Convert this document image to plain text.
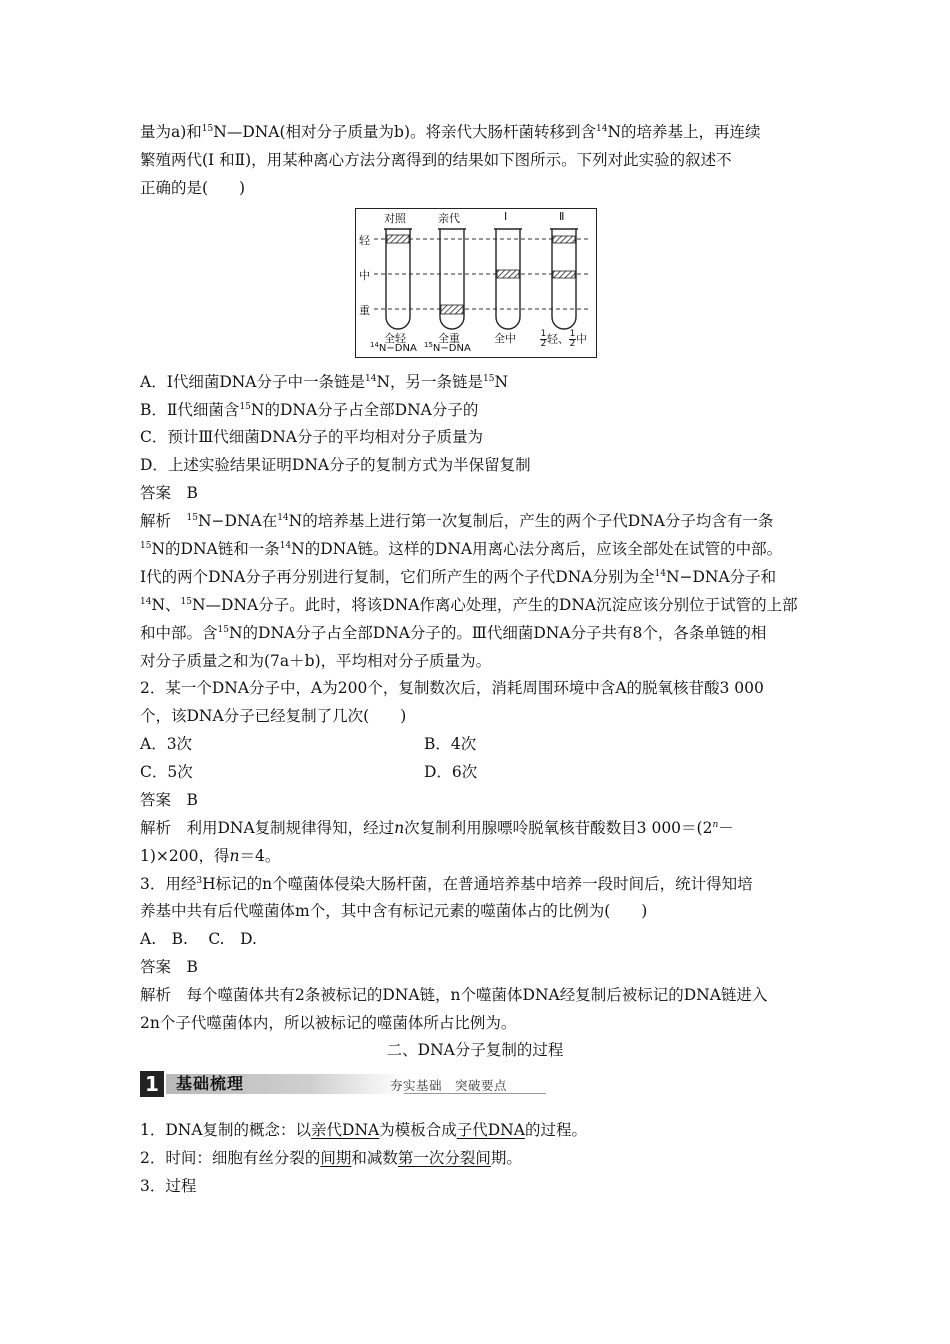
量为a)和$^{15}$N—DNA(相对分子质量为b)。将亲代大肠杆菌转移到含$^{14}$N的培养基上，再连续
繁殖两代(Ⅰ 和Ⅱ)，用某种离心方法分离得到的结果如下图所示。下列对此实验的叙述不
正确的是(　　)
对照	亲代	Ⅰ	Ⅱ
轻
中
重
全轻	全重	全中
$^{14}$N−DNA $^{15}$N−DNA	$\frac{1}{2}$ 轻、 $\frac{1}{2}$ 中
A．Ⅰ代细菌DNA分子中一条链是$^{14}$N，另一条链是$^{15}$N
B．Ⅱ代细菌含$^{15}$N的DNA分子占全部DNA分子的
C．预计Ⅲ代细菌DNA分子的平均相对分子质量为
D．上述实验结果证明DNA分子的复制方式为半保留复制
答案　B
解析　$^{15}$N−DNA在$^{14}$N的培养基上进行第一次复制后，产生的两个子代DNA分子均含有一条
$^{15}$N的DNA链和一条$^{14}$N的DNA链。这样的DNA用离心法分离后，应该全部处在试管的中部。
Ⅰ代的两个DNA分子再分别进行复制，它们所产生的两个子代DNA分别为全$^{14}$N−DNA分子和
$^{14}$N、$^{15}$N—DNA分子。此时，将该DNA作离心处理，产生的DNA沉淀应该分别位于试管的上部
和中部。含$^{15}$N的DNA分子占全部DNA分子的。Ⅲ代细菌DNA分子共有8个，各条单链的相
对分子质量之和为(7a＋b)，平均相对分子质量为。
2．某一个DNA分子中，A为200个，复制数次后，消耗周围环境中含A的脱氧核苷酸3 000
个，该DNA分子已经复制了几次(　　)
A．3次	B．4次
C．5次	D．6次
答案　B
解析　利用DNA复制规律得知，经过n次复制利用腺嘌呤脱氧核苷酸数目3 $000=(2^n-$
1)×200，得n＝4。
3．用经$^3$H标记的n个噬菌体侵染大肠杆菌，在普通培养基中培养一段时间后，统计得知培
养基中共有后代噬菌体m个，其中含有标记元素的噬菌体占的比例为(　　)
A.　B.　 C.　D.
答案　B
解析　每个噬菌体共有2条被标记的DNA链，n个噬菌体DNA经复制后被标记的DNA链进入
2n个子代噬菌体内，所以被标记的噬菌体所占比例为。
二、DNA分子复制的过程
1	基础梳理	夯实基础　突破要点
1．DNA复制的概念：以亲代DNA为模板合成子代DNA的过程。
2．时间：细胞有丝分裂的间期和减数第一次分裂间期。
3．过程
